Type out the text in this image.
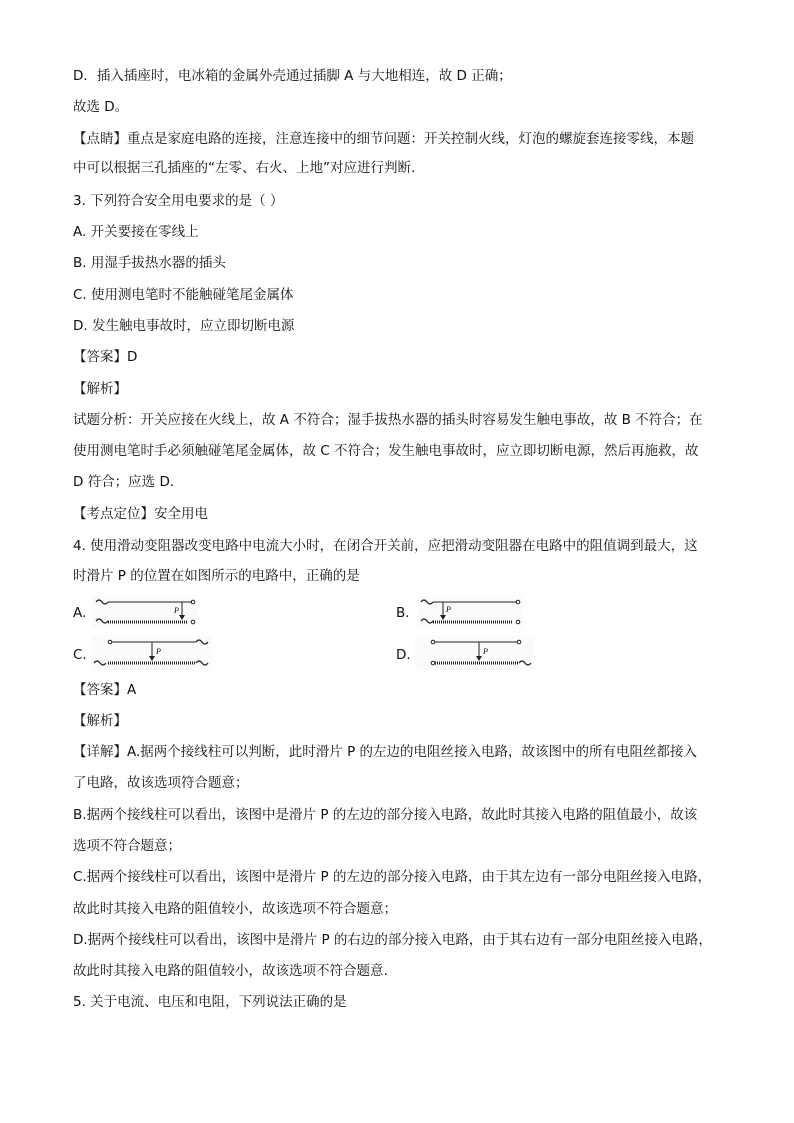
D．插入插座时，电冰箱的金属外壳通过插脚 A 与大地相连，故 D 正确；
故选 D。
【点睛】重点是家庭电路的连接，注意连接中的细节问题：开关控制火线，灯泡的螺旋套连接零线，本题
中可以根据三孔插座的“左零、右火、上地”对应进行判断.
3. 下列符合安全用电要求的是（ ）
A. 开关要接在零线上
B. 用湿手拔热水器的插头
C. 使用测电笔时不能触碰笔尾金属体
D. 发生触电事故时，应立即切断电源
【答案】D
【解析】
试题分析：开关应接在火线上，故 A 不符合；湿手拔热水器的插头时容易发生触电事故，故 B 不符合；在
使用测电笔时手必须触碰笔尾金属体，故 C 不符合；发生触电事故时，应立即切断电源，然后再施救，故
D 符合；应选 D．
【考点定位】安全用电
4. 使用滑动变阻器改变电路中电流大小时，在闭合开关前，应把滑动变阻器在电路中的阻值调到最大，这
时滑片 P 的位置在如图所示的电路中，正确的是
A.	B.
C.	D.
P	P
P	P
【答案】A
【解析】
【详解】A.据两个接线柱可以判断，此时滑片 P 的左边的电阻丝接入电路，故该图中的所有电阻丝都接入
了电路，故该选项符合题意；
B.据两个接线柱可以看出，该图中是滑片 P 的左边的部分接入电路，故此时其接入电路的阻值最小，故该
选项不符合题意；
C.据两个接线柱可以看出，该图中是滑片 P 的左边的部分接入电路，由于其左边有一部分电阻丝接入电路，
故此时其接入电路的阻值较小，故该选项不符合题意；
D.据两个接线柱可以看出，该图中是滑片 P 的右边的部分接入电路，由于其右边有一部分电阻丝接入电路，
故此时其接入电路的阻值较小，故该选项不符合题意.
5. 关于电流、电压和电阻，下列说法正确的是
